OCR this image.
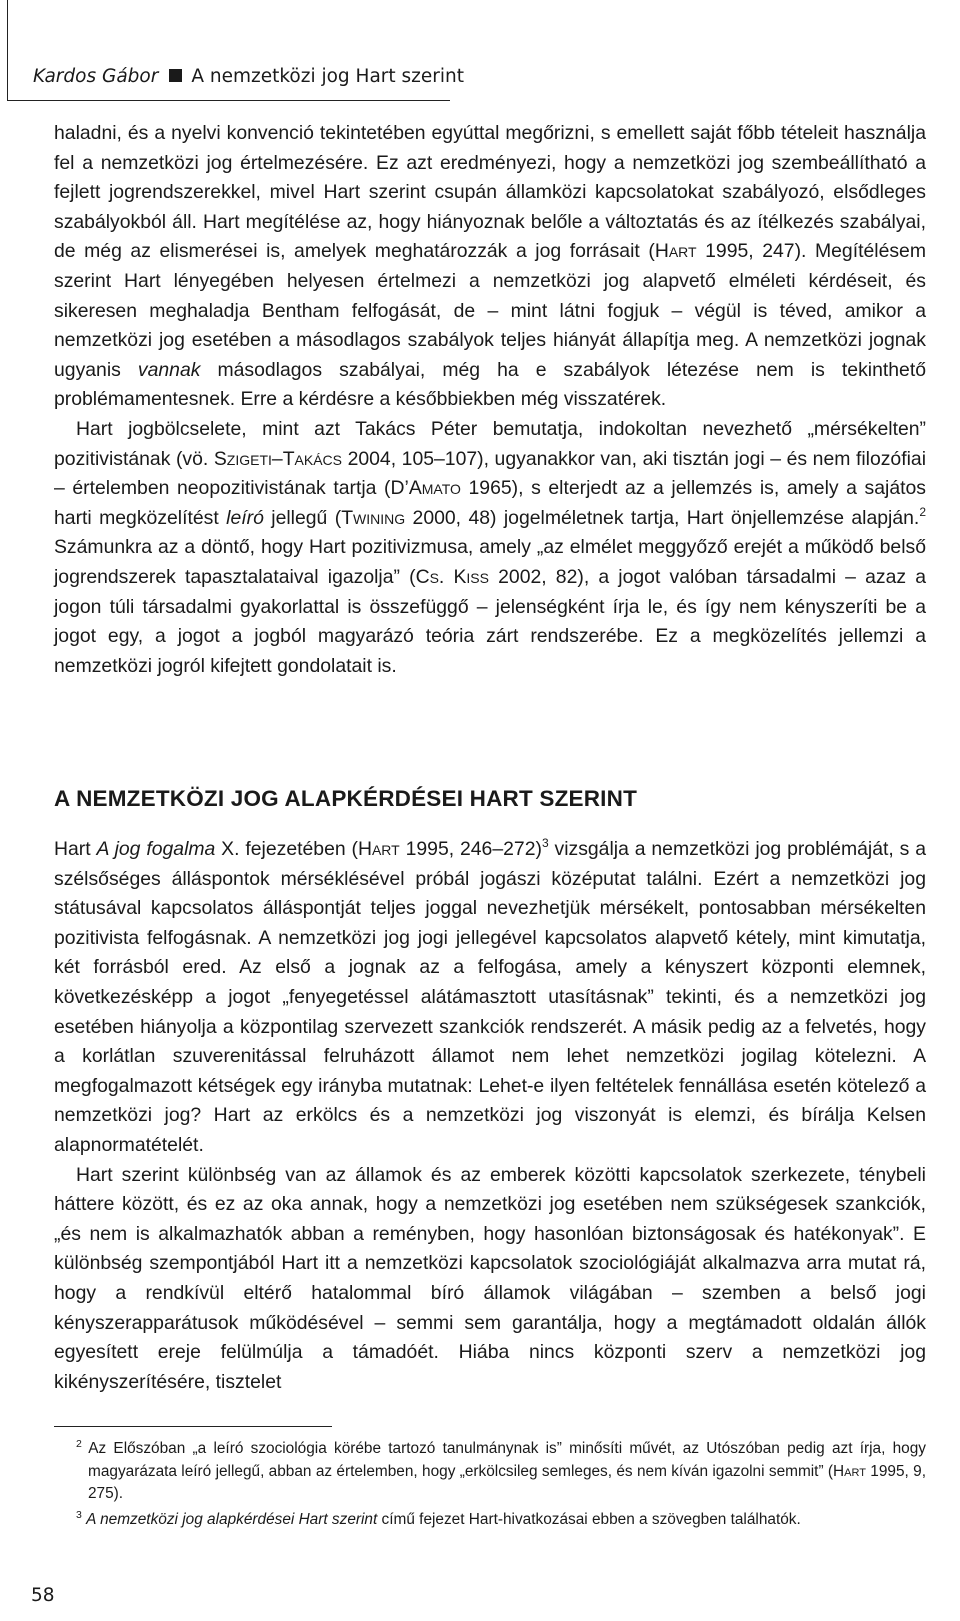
Kardos Gábor A nemzetközi jog Hart szerint

haladni, és a nyelvi konvenció tekintetében egyúttal megőrizni, s emellett saját főbb tételeit használja fel a nemzetközi jog értelmezésére. Ez azt eredményezi, hogy a nemzetközi jog szembeállítható a fejlett jogrendszerekkel, mivel Hart szerint csupán államközi kapcsolatokat szabályozó, elsődleges szabályokból áll. Hart megítélése az, hogy hiányoznak belőle a változtatás és az ítélkezés szabályai, de még az elismerései is, amelyek meghatározzák a jog forrásait (Hart 1995, 247). Megítélésem szerint Hart lényegében helyesen értelmezi a nemzetközi jog alapvető elméleti kérdéseit, és sikeresen meghaladja Bentham felfogását, de – mint látni fogjuk – végül is téved, amikor a nemzetközi jog esetében a másodlagos szabályok teljes hiányát állapítja meg. A nemzetközi jognak ugyanis vannak másodlagos szabályai, még ha e szabályok létezése nem is tekinthető problémamentesnek. Erre a kérdésre a későbbiekben még visszatérek.

Hart jogbölcselete, mint azt Takács Péter bemutatja, indokoltan nevezhető „mérsékelten” pozitivistának (vö. Szigeti–Takács 2004, 105–107), ugyanakkor van, aki tisztán jogi – és nem filozófiai – értelemben neopozitivistának tartja (D’Amato 1965), s elterjedt az a jellemzés is, amely a sajátos harti megközelítést leíró jellegű (Twining 2000, 48) jogelméletnek tartja, Hart önjellemzése alapján.$^2$ Számunkra az a döntő, hogy Hart pozitivizmusa, amely „az elmélet meggyőző erejét a működő belső jogrendszerek tapasztalataival igazolja” (Cs. Kiss 2002, 82), a jogot valóban társadalmi – azaz a jogon túli társadalmi gyakorlattal is összefüggő – jelenségként írja le, és így nem kényszeríti be a jogot egy, a jogot a jogból magyarázó teória zárt rendszerébe. Ez a megközelítés jellemzi a nemzetközi jogról kifejtett gondolatait is.

A NEMZETKÖZI JOG ALAPKÉRDÉSEI HART SZERINT

Hart A jog fogalma X. fejezetében (Hart 1995, 246–272)$^3$ vizsgálja a nemzetközi jog problémáját, s a szélsőséges álláspontok mérséklésével próbál jogászi középutat találni. Ezért a nemzetközi jog státusával kapcsolatos álláspontját teljes joggal nevezhetjük mérsékelt, pontosabban mérsékelten pozitivista felfogásnak. A nemzetközi jog jogi jellegével kapcsolatos alapvető kétely, mint kimutatja, két forrásból ered. Az első a jognak az a felfogása, amely a kényszert központi elemnek, következésképp a jogot „fenyegetéssel alátámasztott utasításnak” tekinti, és a nemzetközi jog esetében hiányolja a központilag szervezett szankciók rendszerét. A másik pedig az a felvetés, hogy a korlátlan szuverenitással felruházott államot nem lehet nemzetközi jogilag kötelezni. A megfogalmazott kétségek egy irányba mutatnak: Lehet-e ilyen feltételek fennállása esetén kötelező a nemzetközi jog? Hart az erkölcs és a nemzetközi jog viszonyát is elemzi, és bírálja Kelsen alapnormatételét.

Hart szerint különbség van az államok és az emberek közötti kapcsolatok szerkezete, ténybeli háttere között, és ez az oka annak, hogy a nemzetközi jog esetében nem szükségesek szankciók, „és nem is alkalmazhatók abban a reményben, hogy hasonlóan biztonságosak és hatékonyak”. E különbség szempontjából Hart itt a nemzetközi kapcsolatok szociológiáját alkalmazva arra mutat rá, hogy a rendkívül eltérő hatalommal bíró államok világában – szemben a belső jogi kényszerapparátusok működésével – semmi sem garantálja, hogy a megtámadott oldalán állók egyesített ereje felülmúlja a támadóét. Hiába nincs központi szerv a nemzetközi jog kikényszerítésére, tisztelet

$^2$ Az Előszóban „a leíró szociológia körébe tartozó tanulmánynak is” minősíti művét, az Utószóban pedig azt írja, hogy magyarázata leíró jellegű, abban az értelemben, hogy „erkölcsileg semleges, és nem kíván igazolni semmit” (Hart 1995, 9, 275).

$^3$ A nemzetközi jog alapkérdései Hart szerint című fejezet Hart-hivatkozásai ebben a szövegben találhatók.

58
